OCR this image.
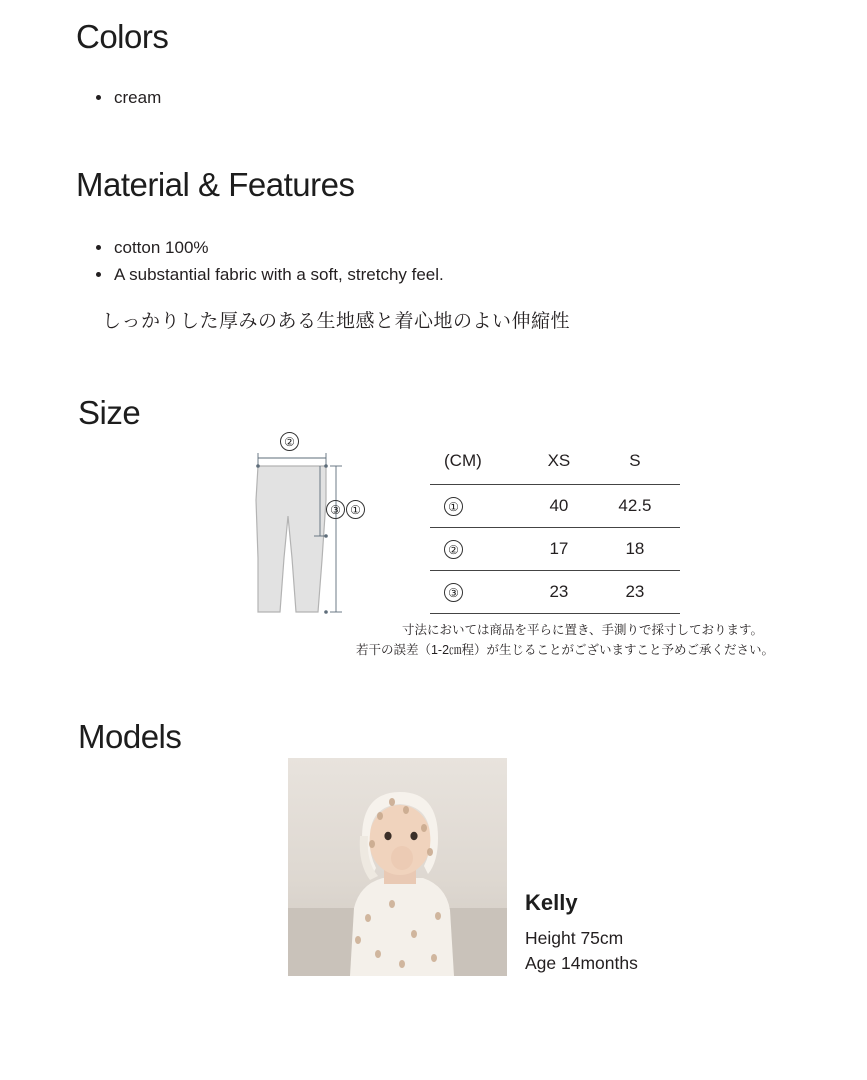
Colors
cream
Material & Features
cotton 100%
A substantial fabric with a soft, stretchy feel.
しっかりした厚みのある生地感と着心地のよい伸縮性
Size
②
③ ①
(CM)	XS	S
①	40	42.5
②	17	18
③	23	23
寸法においては商品を平らに置き、手測りで採寸しております。
若干の誤差（1-2㎝程）が生じることがございますこと予めご承ください。
Models
Kelly
Height 75cm
Age 14months
